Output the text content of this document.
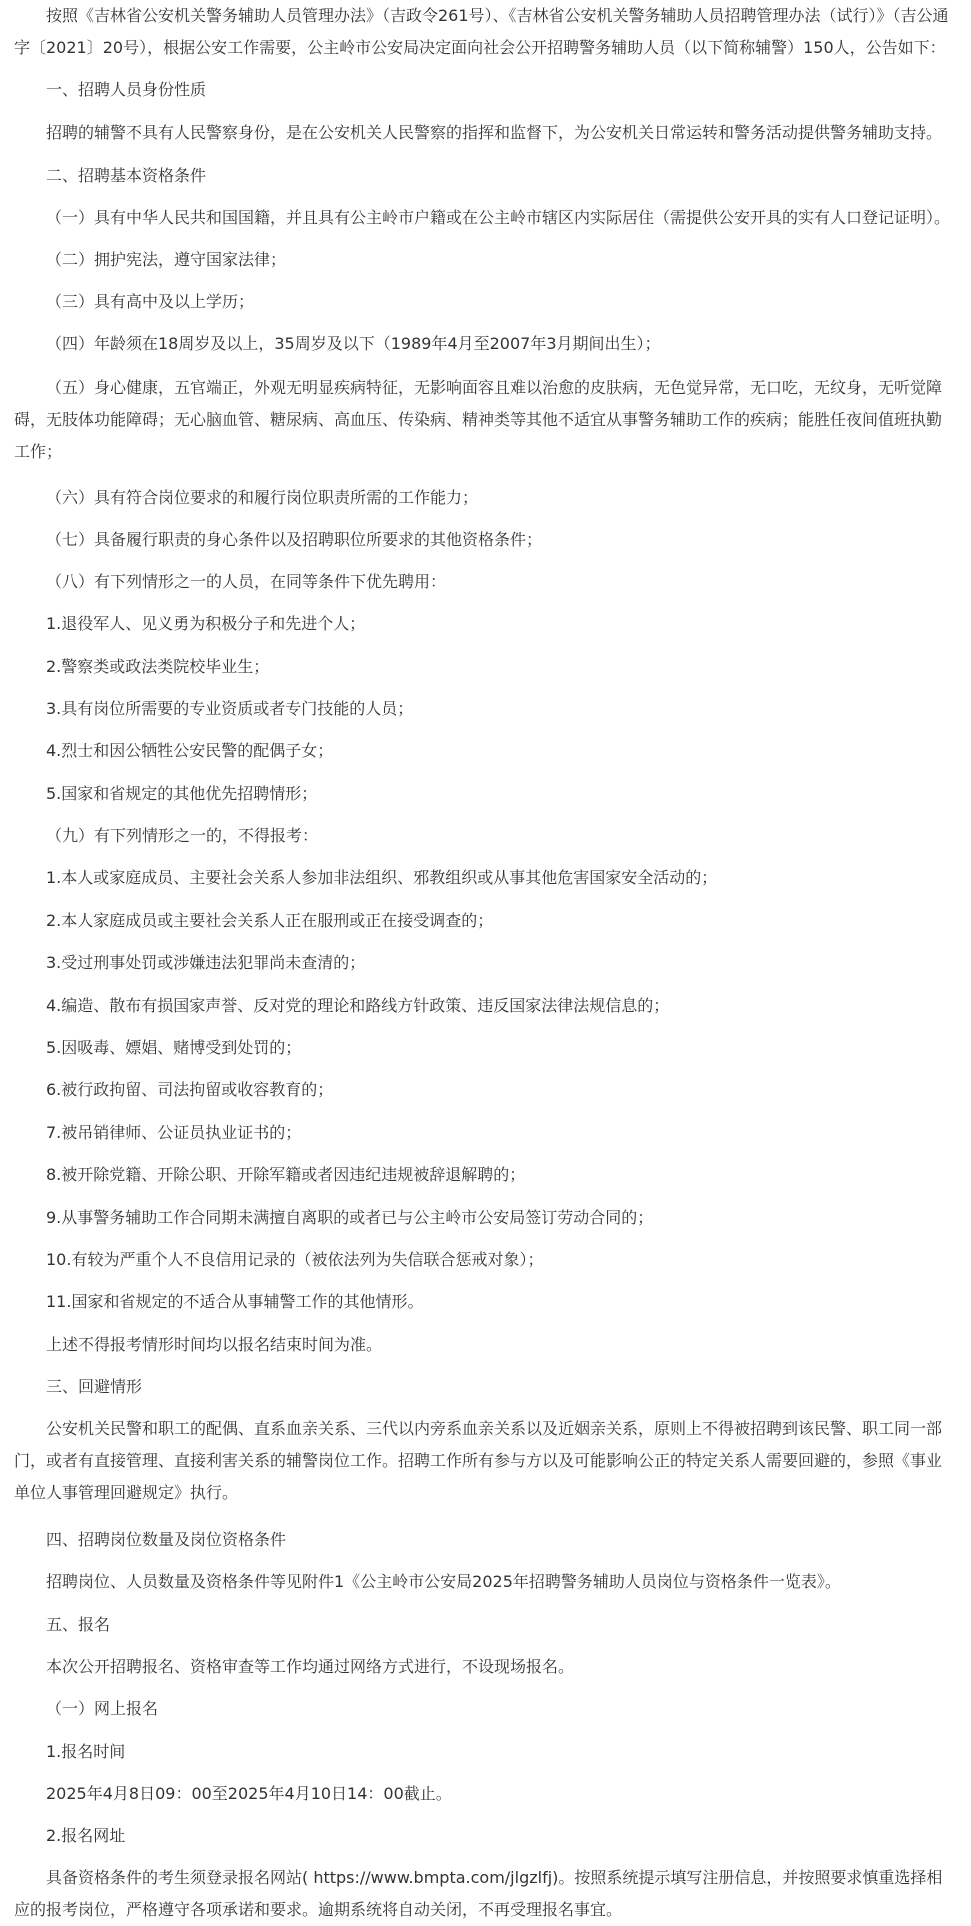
按照《吉林省公安机关警务辅助人员管理办法》（吉政令261号）、《吉林省公安机关警务辅助人员招聘管理办法（试行）》（吉公通字〔2021〕20号），根据公安工作需要，公主岭市公安局决定面向社会公开招聘警务辅助人员（以下简称辅警）150人，公告如下：

一、招聘人员身份性质

招聘的辅警不具有人民警察身份，是在公安机关人民警察的指挥和监督下，为公安机关日常运转和警务活动提供警务辅助支持。

二、招聘基本资格条件

（一）具有中华人民共和国国籍，并且具有公主岭市户籍或在公主岭市辖区内实际居住（需提供公安开具的实有人口登记证明）。

（二）拥护宪法，遵守国家法律；

（三）具有高中及以上学历；

（四）年龄须在18周岁及以上，35周岁及以下（1989年4月至2007年3月期间出生）；

（五）身心健康，五官端正，外观无明显疾病特征，无影响面容且难以治愈的皮肤病，无色觉异常，无口吃，无纹身，无听觉障碍，无肢体功能障碍；无心脑血管、糖尿病、高血压、传染病、精神类等其他不适宜从事警务辅助工作的疾病；能胜任夜间值班执勤工作；

（六）具有符合岗位要求的和履行岗位职责所需的工作能力；

（七）具备履行职责的身心条件以及招聘职位所要求的其他资格条件；

（八）有下列情形之一的人员，在同等条件下优先聘用：

1.退役军人、见义勇为积极分子和先进个人；

2.警察类或政法类院校毕业生；

3.具有岗位所需要的专业资质或者专门技能的人员；

4.烈士和因公牺牲公安民警的配偶子女；

5.国家和省规定的其他优先招聘情形；

（九）有下列情形之一的，不得报考：

1.本人或家庭成员、主要社会关系人参加非法组织、邪教组织或从事其他危害国家安全活动的；

2.本人家庭成员或主要社会关系人正在服刑或正在接受调查的；

3.受过刑事处罚或涉嫌违法犯罪尚未查清的；

4.编造、散布有损国家声誉、反对党的理论和路线方针政策、违反国家法律法规信息的；

5.因吸毒、嫖娼、赌博受到处罚的；

6.被行政拘留、司法拘留或收容教育的；

7.被吊销律师、公证员执业证书的；

8.被开除党籍、开除公职、开除军籍或者因违纪违规被辞退解聘的；

9.从事警务辅助工作合同期未满擅自离职的或者已与公主岭市公安局签订劳动合同的；

10.有较为严重个人不良信用记录的（被依法列为失信联合惩戒对象）；

11.国家和省规定的不适合从事辅警工作的其他情形。

上述不得报考情形时间均以报名结束时间为准。

三、回避情形

公安机关民警和职工的配偶、直系血亲关系、三代以内旁系血亲关系以及近姻亲关系，原则上不得被招聘到该民警、职工同一部门，或者有直接管理、直接利害关系的辅警岗位工作。招聘工作所有参与方以及可能影响公正的特定关系人需要回避的，参照《事业单位人事管理回避规定》执行。

四、招聘岗位数量及岗位资格条件

招聘岗位、人员数量及资格条件等见附件1《公主岭市公安局2025年招聘警务辅助人员岗位与资格条件一览表》。

五、报名

本次公开招聘报名、资格审查等工作均通过网络方式进行，不设现场报名。

（一）网上报名

1.报名时间

2025年4月8日09：00至2025年4月10日14：00截止。

2.报名网址

具备资格条件的考生须登录报名网站( https://www.bmpta.com/jlgzlfj)。按照系统提示填写注册信息，并按照要求慎重选择相应的报考岗位，严格遵守各项承诺和要求。逾期系统将自动关闭，不再受理报名事宜。
